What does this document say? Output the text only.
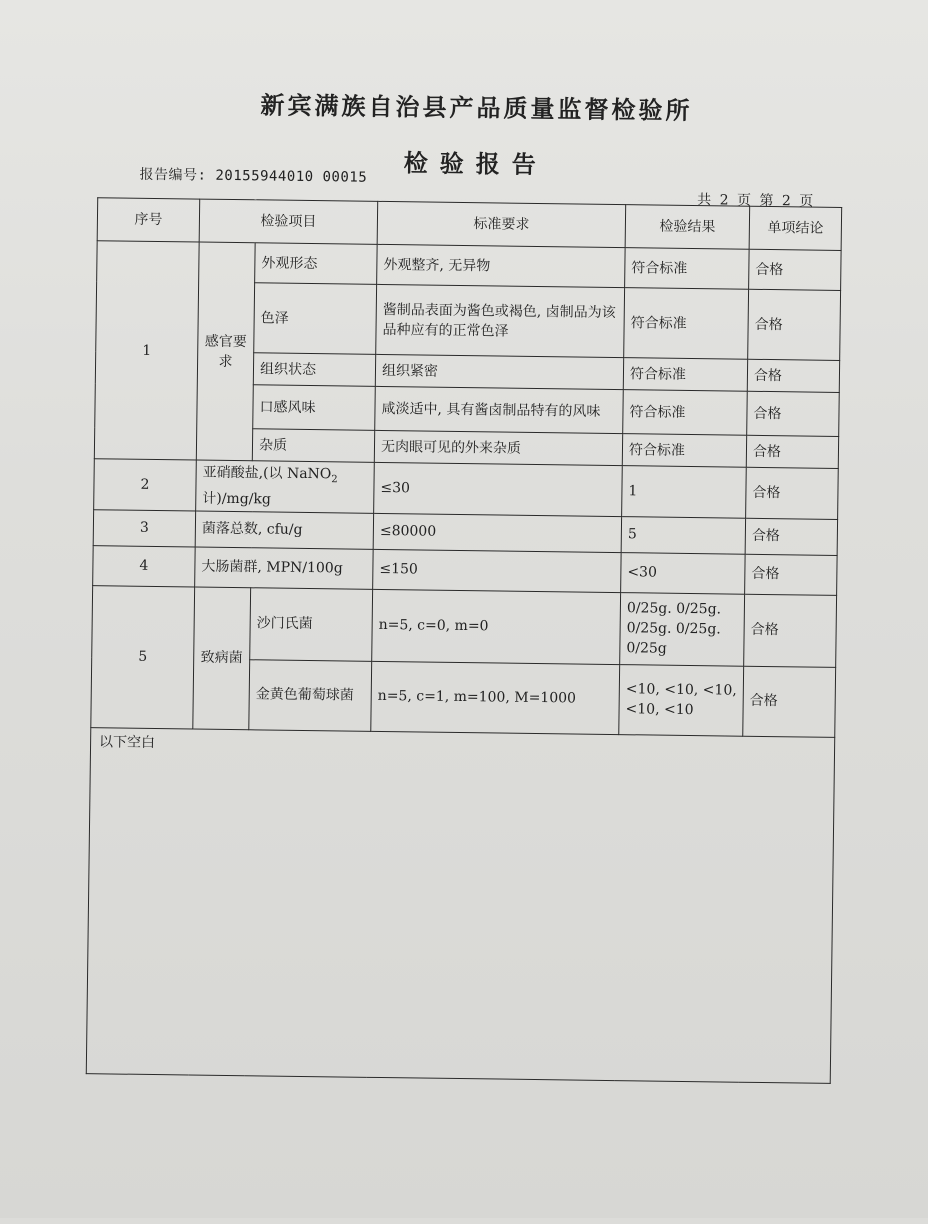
新宾满族自治县产品质量监督检验所
检验报告
报告编号: 20155944010 00015
共 2 页 第 2 页
序号	检验项目		标准要求	检验结果	单项结论
1	感官要求	外观形态	外观整齐, 无异物	符合标准	合格
		色泽	酱制品表面为酱色或褐色, 卤制品为该品种应有的正常色泽	符合标准	合格
		组织状态	组织紧密	符合标准	合格
		口感风味	咸淡适中, 具有酱卤制品特有的风味	符合标准	合格
		杂质	无肉眼可见的外来杂质	符合标准	合格
2	亚硝酸盐,(以 NaNO$_2$计)/mg/kg		≤30	1	合格
3	菌落总数, cfu/g		≤80000	5	合格
4	大肠菌群, MPN/100g		≤150	<30	合格
5	致病菌	沙门氏菌	n=5, c=0, m=0	0/25g. 0/25g. 0/25g. 0/25g. 0/25g	合格
		金黄色葡萄球菌	n=5, c=1, m=100, M=1000	<10, <10, <10, <10, <10	合格
以下空白					
